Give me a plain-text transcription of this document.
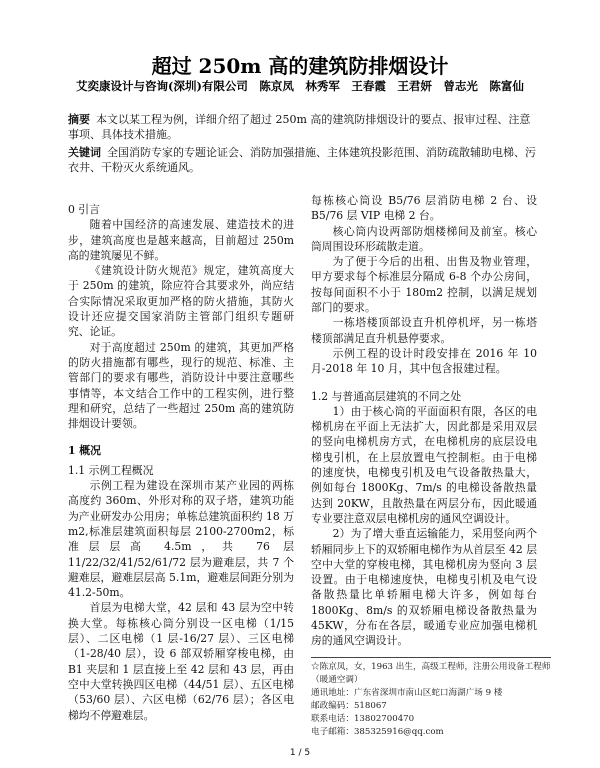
超过 250m 高的建筑防排烟设计
艾奕康设计与咨询(深圳)有限公司　陈京凤　林秀军　王春霞　王君妍　曾志光　陈富仙
摘要 本文以某工程为例，详细介绍了超过 250m 高的建筑防排烟设计的要点、报审过程、注意事项、具体技术措施。
关键词 全国消防专家的专题论证会、消防加强措施、主体建筑投影范围、消防疏散辅助电梯、污衣井、干粉灭火系统通风。

0 引言

随着中国经济的高速发展、建造技术的进步，建筑高度也是越来越高，目前超过 250m 高的建筑屡见不鲜。

《建筑设计防火规范》规定，建筑高度大于 250m 的建筑，除应符合其要求外，尚应结合实际情况采取更加严格的防火措施，其防火设计还应提交国家消防主管部门组织专题研究、论证。

对于高度超过 250m 的建筑，其更加严格的防火措施都有哪些，现行的规范、标准、主管部门的要求有哪些，消防设计中要注意哪些事情等，本文结合工作中的工程实例，进行整理和研究，总结了一些超过 250m 高的建筑防排烟设计要领。

1 概况

1.1 示例工程概况

示例工程为建设在深圳市某产业园的两栋高度约 360m、外形对称的双子塔，建筑功能为产业研发办公用房；单栋总建筑面积约 18 万 m2,标准层建筑面积每层 2100-2700m2，标准层层高 4.5m，共 76 层 11/22/32/41/52/61/72 层为避难层，共 7 个避难层，避难层层高 5.1m，避难层间距分别为 41.2-50m。

首层为电梯大堂，42 层和 43 层为空中转换大堂。每栋核心筒分别设一区电梯（1/15 层）、二区电梯（1 层-16/27 层）、三区电梯（1-28/40 层），设 6 部双轿厢穿梭电梯，由 B1 夹层和 1 层直接上至 42 层和 43 层，再由空中大堂转换四区电梯（44/51 层）、五区电梯（53/60 层）、六区电梯（62/76 层）；各区电梯均不停避难层。

每栋核心筒设 B5/76 层消防电梯 2 台、设 B5/76 层 VIP 电梯 2 台。

核心筒内设两部防烟楼梯间及前室。核心筒周围设环形疏散走道。

为了便于今后的出租、出售及物业管理，甲方要求每个标准层分隔成 6-8 个办公房间，按每间面积不小于 180m2 控制，以满足规划部门的要求。

一栋塔楼顶部设直升机停机坪，另一栋塔楼顶部满足直升机悬停要求。

示例工程的设计时段安排在 2016 年 10 月-2018 年 10 月，其中包含报建过程。

1.2 与普通高层建筑的不同之处

1）由于核心筒的平面面积有限，各区的电梯机房在平面上无法扩大，因此都是采用双层的竖向电梯机房方式，在电梯机房的底层设电梯曳引机，在上层放置电气控制柜。由于电梯的速度快，电梯曳引机及电气设备散热量大，例如每台 1800Kg、7m/s 的电梯设备散热量达到 20KW，且散热量在两层分布，因此暖通专业要注意双层电梯机房的通风空调设计。

2）为了增大垂直运输能力，采用竖向两个轿厢同步上下的双轿厢电梯作为从首层至 42 层空中大堂的穿梭电梯，其电梯机房为竖向 3 层设置。由于电梯速度快，电梯曳引机及电气设备散热量比单轿厢电梯大许多，例如每台 1800Kg、8m/s 的双轿厢电梯设备散热量为 45KW，分布在各层，暖通专业应加强电梯机房的通风空调设计。

☆陈京凤，女，1963 出生，高级工程师，注册公用设备工程师（暖通空调）
通讯地址：广东省深圳市南山区蛇口海湖广场 9 楼
邮政编码：518067
联系电话：13802700470
电子邮箱：385325916@qq.com
1 / 5
